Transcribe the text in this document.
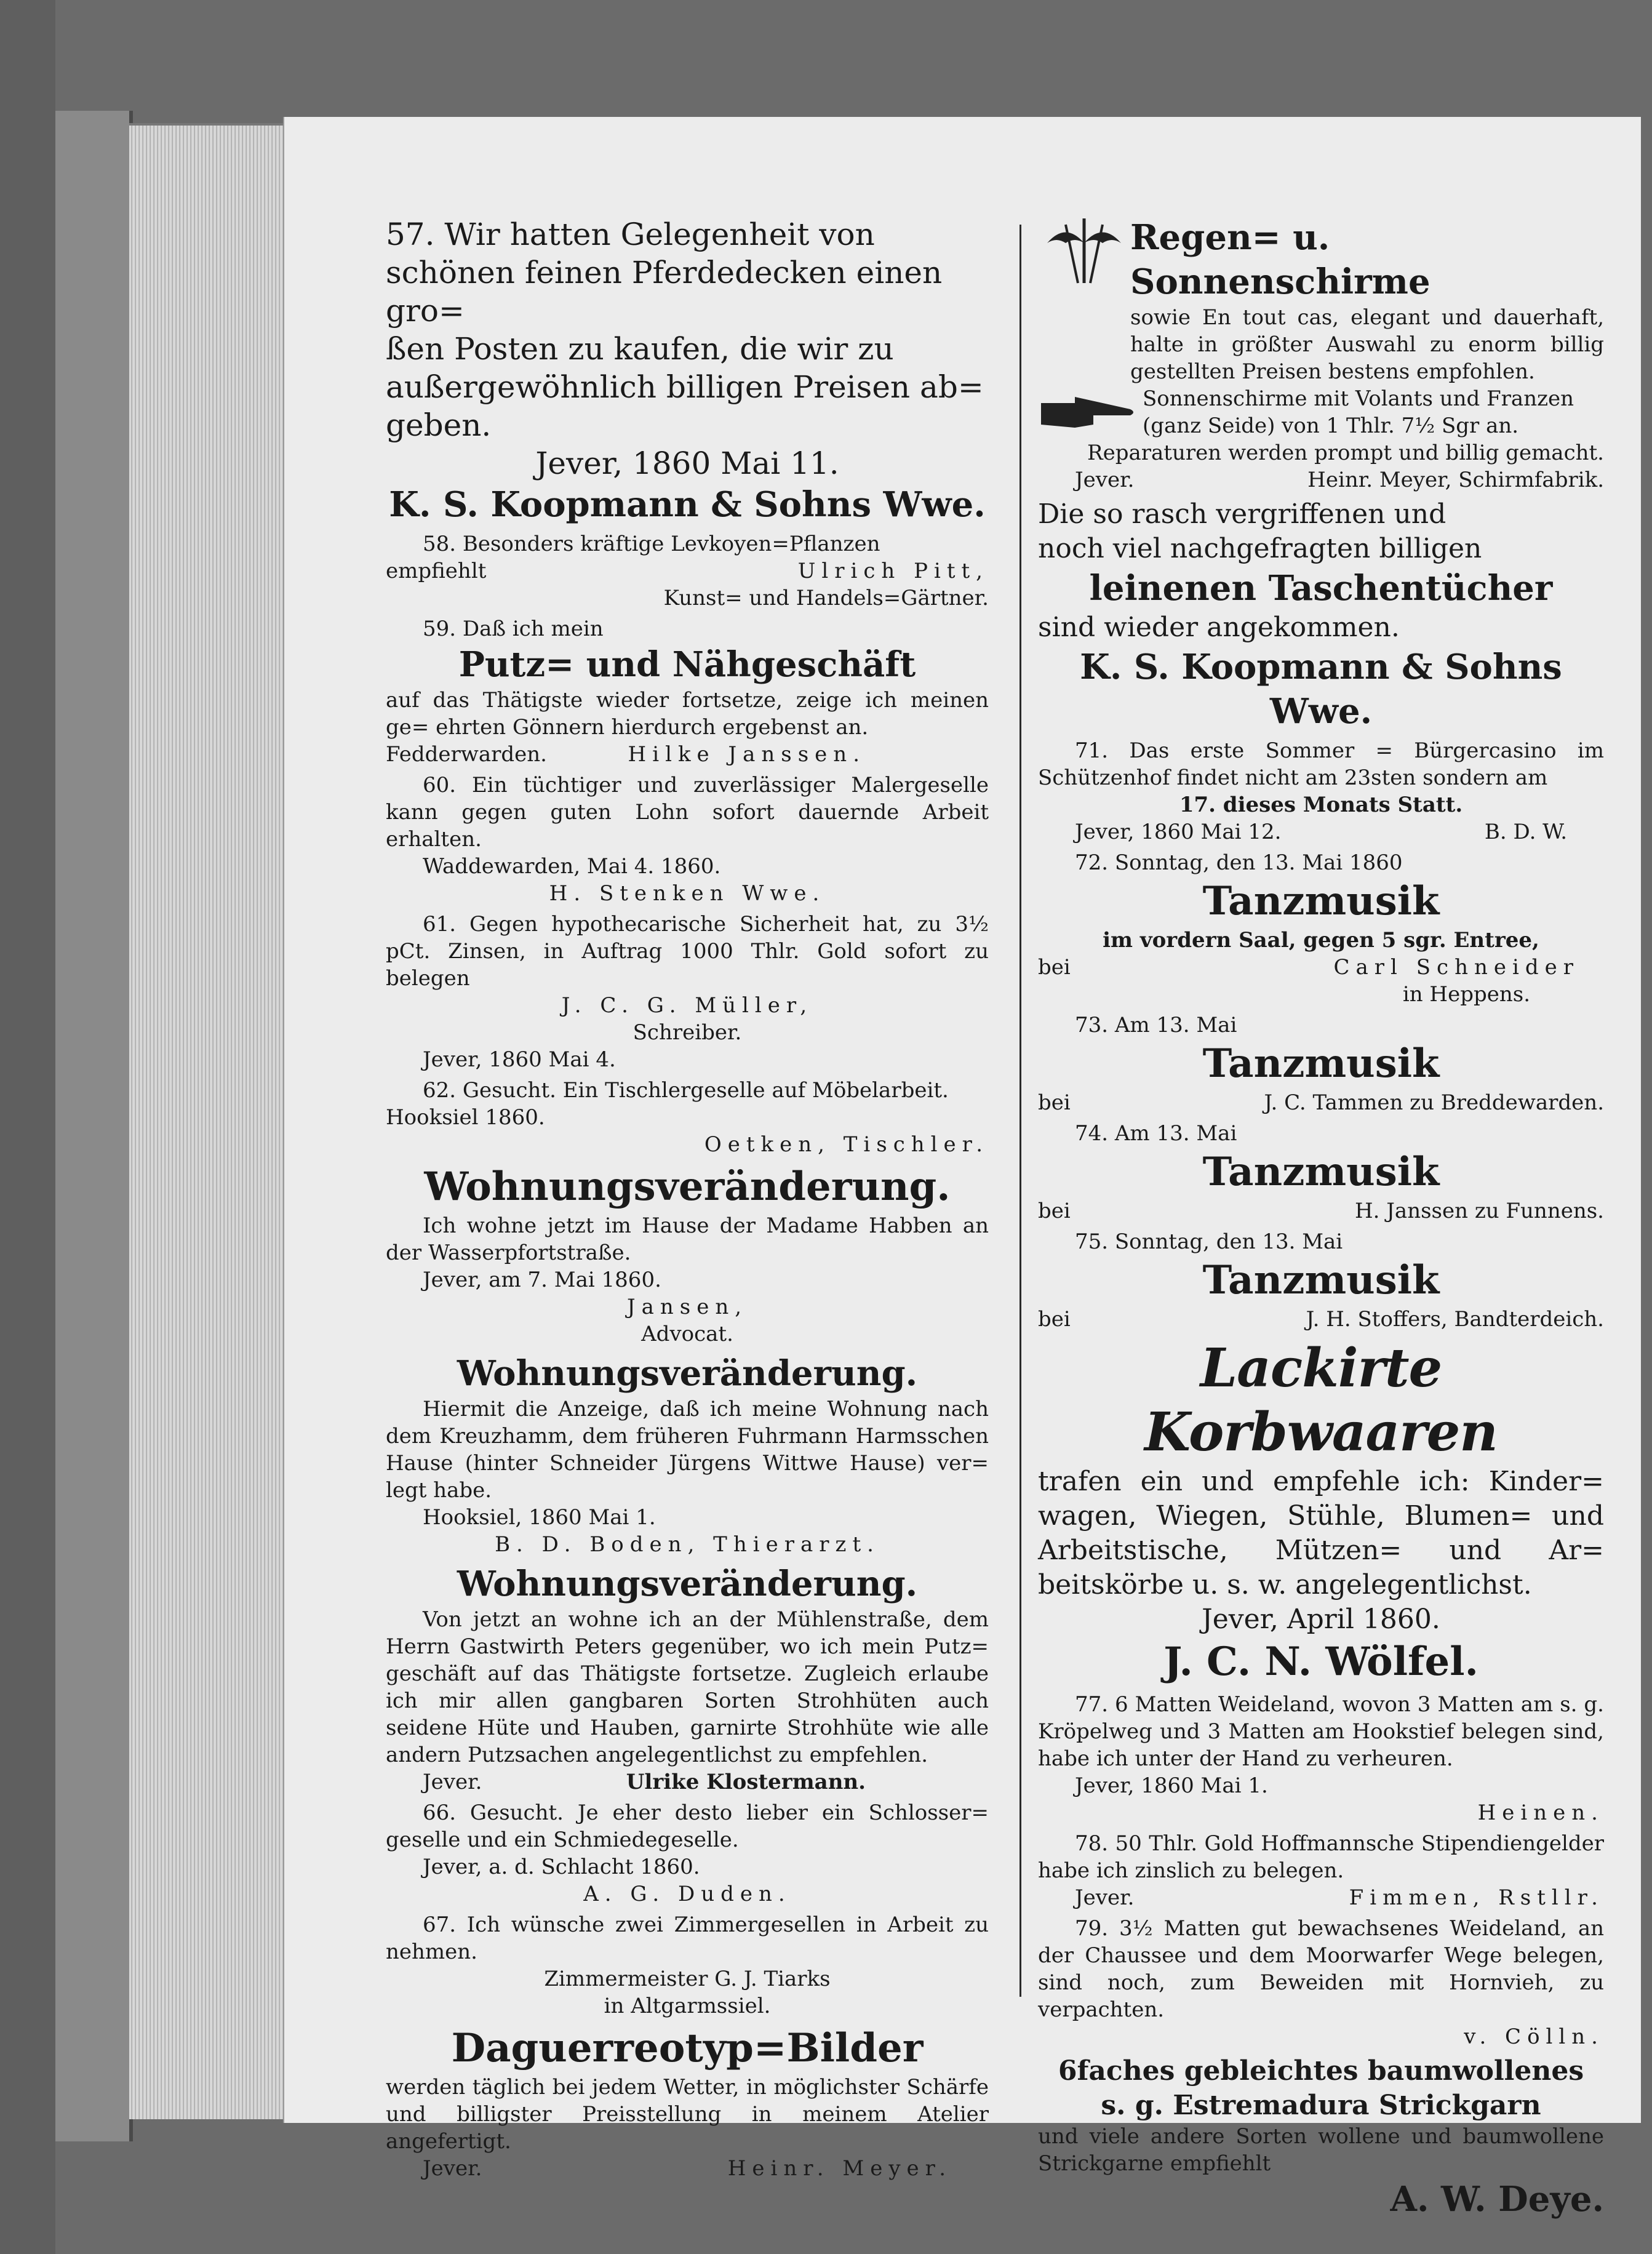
57. Wir hatten Gelegenheit von

schönen feinen Pferdedecken einen gro=

ßen Posten zu kaufen, die wir zu

außergewöhnlich billigen Preisen ab=

geben.

Jever, 1860 Mai 11.

K. S. Koopmann & Sohns Wwe.

58. Besonders kräftige Levkoyen=Pflanzen

empfiehlt	Ulrich Pitt,

Kunst= und Handels=Gärtner.

59. Daß ich mein

Putz= und Nähgeschäft

auf das Thätigste wieder fortsetze, zeige ich meinen ge= ehrten Gönnern hierdurch ergebenst an.

Fedderwarden.	Hilke Janssen.

60. Ein tüchtiger und zuverlässiger Malergeselle kann gegen guten Lohn sofort dauernde Arbeit erhalten.

Waddewarden, Mai 4. 1860.

H. Stenken Wwe.

61. Gegen hypothecarische Sicherheit hat, zu 3½ pCt. Zinsen, in Auftrag 1000 Thlr. Gold sofort zu belegen

J. C. G. Müller,

Schreiber.

Jever, 1860 Mai 4.

62. Gesucht. Ein Tischlergeselle auf Möbelarbeit.

Hooksiel 1860.

Oetken, Tischler.

Wohnungsveränderung.

Ich wohne jetzt im Hause der Madame Habben an der Wasserpfortstraße.

Jever, am 7. Mai 1860.

Jansen,

Advocat.

Wohnungsveränderung.

Hiermit die Anzeige, daß ich meine Wohnung nach dem Kreuzhamm, dem früheren Fuhrmann Harmsschen Hause (hinter Schneider Jürgens Wittwe Hause) ver= legt habe.

Hooksiel, 1860 Mai 1.

B. D. Boden, Thierarzt.

Wohnungsveränderung.

Von jetzt an wohne ich an der Mühlenstraße, dem Herrn Gastwirth Peters gegenüber, wo ich mein Putz= geschäft auf das Thätigste fortsetze. Zugleich erlaube ich mir allen gangbaren Sorten Strohhüten auch seidene Hüte und Hauben, garnirte Strohhüte wie alle andern Putzsachen angelegentlichst zu empfehlen.

Jever.	Ulrike Klostermann.

66. Gesucht. Je eher desto lieber ein Schlosser= geselle und ein Schmiedegeselle.

Jever, a. d. Schlacht 1860.

A. G. Duden.

67. Ich wünsche zwei Zimmergesellen in Arbeit zu nehmen.

Zimmermeister G. J. Tiarks

in Altgarmssiel.

Daguerreotyp=Bilder

werden täglich bei jedem Wetter, in möglichster Schärfe und billigster Preisstellung in meinem Atelier angefertigt.

Jever.	Heinr. Meyer.

Regen= u. Sonnenschirme

sowie En tout cas, elegant und dauerhaft, halte in größter Auswahl zu enorm billig gestellten Preisen bestens empfohlen.

Sonnenschirme mit Volants und Franzen

(ganz Seide) von 1 Thlr. 7½ Sgr an.

Reparaturen werden prompt und billig gemacht.

Jever.	Heinr. Meyer, Schirmfabrik.

Die so rasch vergriffenen und

noch viel nachgefragten billigen

leinenen Taschentücher

sind wieder angekommen.

K. S. Koopmann & Sohns Wwe.

71. Das erste Sommer = Bürgercasino im Schützenhof findet nicht am 23sten sondern am

17. dieses Monats Statt.

Jever, 1860 Mai 12.	B. D. W.

72. Sonntag, den 13. Mai 1860

Tanzmusik

im vordern Saal, gegen 5 sgr. Entree,

bei	Carl Schneider

in Heppens.

73. Am 13. Mai

Tanzmusik

bei	J. C. Tammen zu Breddewarden.

74. Am 13. Mai

Tanzmusik

bei	H. Janssen zu Funnens.

75. Sonntag, den 13. Mai

Tanzmusik

bei	J. H. Stoffers, Bandterdeich.

Lackirte Korbwaaren

trafen ein und empfehle ich: Kinder= wagen, Wiegen, Stühle, Blumen= und Arbeitstische, Mützen= und Ar= beitskörbe u. s. w. angelegentlichst.

Jever, April 1860.

J. C. N. Wölfel.

77. 6 Matten Weideland, wovon 3 Matten am s. g. Kröpelweg und 3 Matten am Hookstief belegen sind, habe ich unter der Hand zu verheuren.

Jever, 1860 Mai 1.

Heinen.

78. 50 Thlr. Gold Hoffmannsche Stipendiengelder habe ich zinslich zu belegen.

Jever.	Fimmen, Rstllr.

79. 3½ Matten gut bewachsenes Weideland, an der Chaussee und dem Moorwarfer Wege belegen, sind noch, zum Beweiden mit Hornvieh, zu verpachten.

v. Cölln.

6faches gebleichtes baumwollenes

s. g. Estremadura Strickgarn

und viele andere Sorten wollene und baumwollene Strickgarne empfiehlt

A. W. Deye.
